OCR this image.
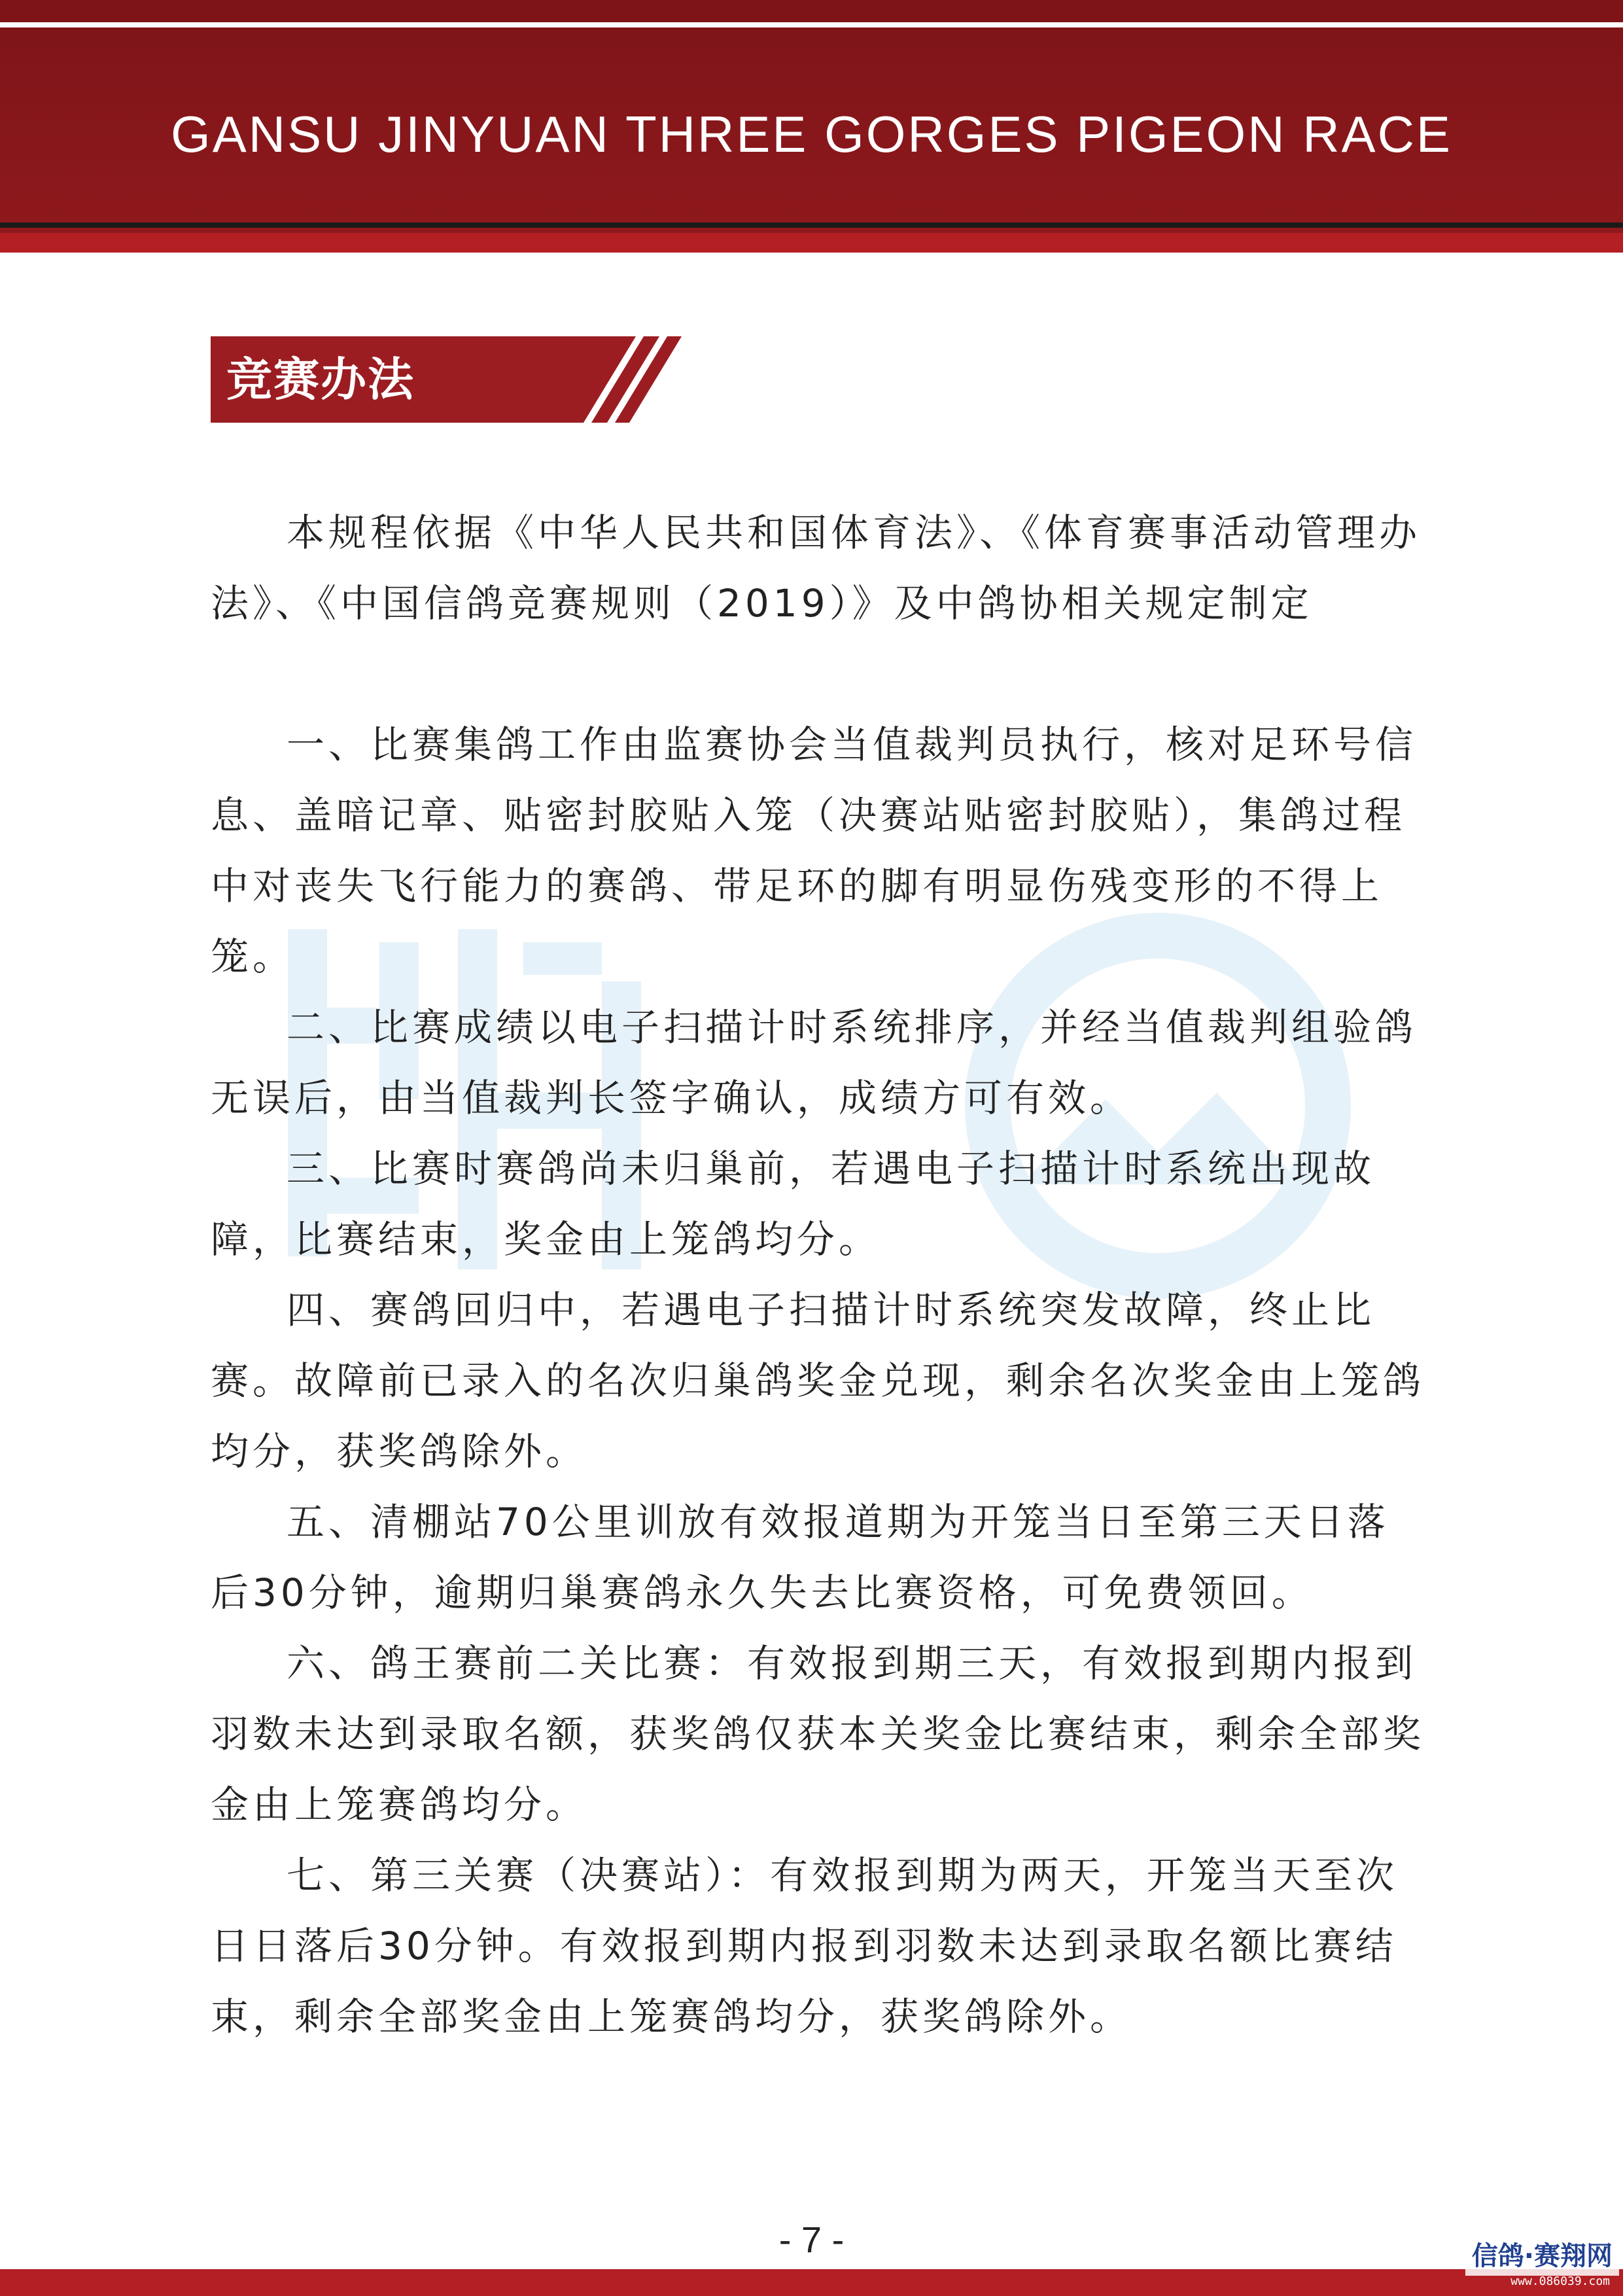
GANSU JINYUAN THREE GORGES PIGEON RACE
竞赛办法

本规程依据《中华人民共和国体育法》、《体育赛事活动管理办法》、《中国信鸽竞赛规则（2019）》及中鸽协相关规定制定

一、比赛集鸽工作由监赛协会当值裁判员执行，核对足环号信息、盖暗记章、贴密封胶贴入笼（决赛站贴密封胶贴），集鸽过程中对丧失飞行能力的赛鸽、带足环的脚有明显伤残变形的不得上笼。

二、比赛成绩以电子扫描计时系统排序，并经当值裁判组验鸽无误后，由当值裁判长签字确认，成绩方可有效。

三、比赛时赛鸽尚未归巢前，若遇电子扫描计时系统出现故障，比赛结束，奖金由上笼鸽均分。

四、赛鸽回归中，若遇电子扫描计时系统突发故障，终止比赛。故障前已录入的名次归巢鸽奖金兑现，剩余名次奖金由上笼鸽均分，获奖鸽除外。

五、清棚站70公里训放有效报道期为开笼当日至第三天日落后30分钟，逾期归巢赛鸽永久失去比赛资格，可免费领回。

六、鸽王赛前二关比赛：有效报到期三天，有效报到期内报到羽数未达到录取名额，获奖鸽仅获本关奖金比赛结束，剩余全部奖金由上笼赛鸽均分。

七、第三关赛（决赛站）：有效报到期为两天，开笼当天至次日日落后30分钟。有效报到期内报到羽数未达到录取名额比赛结束，剩余全部奖金由上笼赛鸽均分，获奖鸽除外。

- 7 -	信鸽·赛翔网
www.086039.com
